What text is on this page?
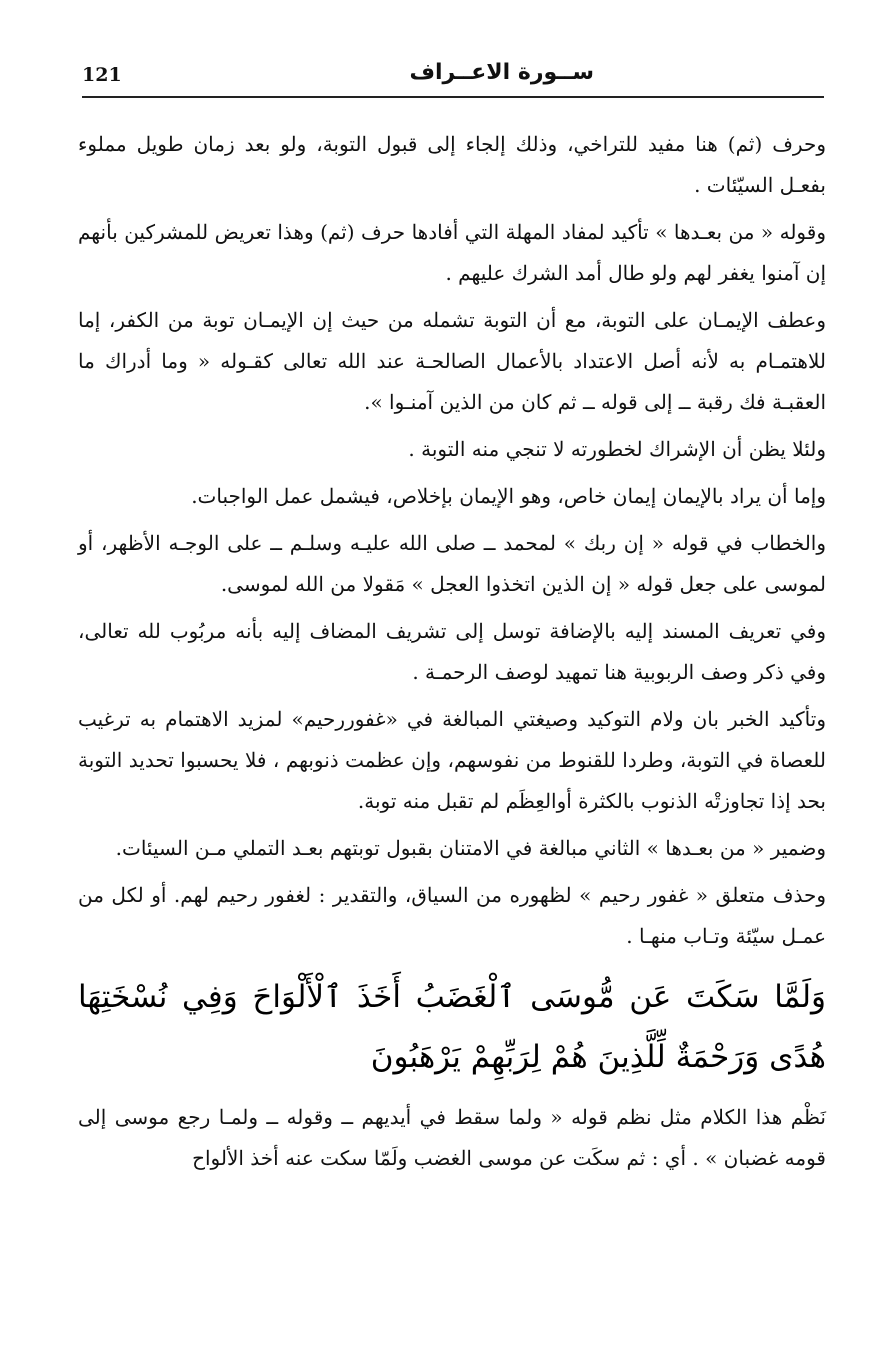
121	ســورة الاعــراف

وحرف (ثم) هنا مفيد للتراخي، وذلك إلجاء إلى قبول التوبة، ولو بعد زمان طويل مملوء بفعـل السيّئات .

وقوله « من بعـدها » تأكيد لمفاد المهلة التي أفادها حرف (ثم) وهذا تعريض للمشركين بأنهم إن آمنوا يغفر لهم ولو طال أمد الشرك عليهم .

وعطف الإيمـان على التوبة، مع أن التوبة تشمله من حيث إن الإيمـان توبة من الكفر، إما للاهتمـام به لأنه أصل الاعتداد بالأعمال الصالحـة عند الله تعالى كقـوله « وما أدراك ما العقبـة فك رقبة ــ إلى قوله ــ ثم كان من الذين آمنـوا ».

ولئلا يظن أن الإشراك لخطورته لا تنجي منه التوبة .

وإما أن يراد بالإيمان إيمان خاص، وهو الإيمان بإخلاص، فيشمل عمل الواجبات.

والخطاب في قوله « إن ربك » لمحمد ــ صلى الله عليـه وسلـم ــ على الوجـه الأظهر، أو لموسى على جعل قوله « إن الذين اتخذوا العجل » مَقولا من الله لموسى.

وفي تعريف المسند إليه بالإضافة توسل إلى تشريف المضاف إليه بأنه مربُوب لله تعالى، وفي ذكر وصف الربوبية هنا تمهيد لوصف الرحمـة .

وتأكيد الخبر بان ولام التوكيد وصيغتي المبالغة في «غفوررحيم» لمزيد الاهتمام به ترغيب للعصاة في التوبة، وطردا للقنوط من نفوسهم، وإن عظمت ذنوبهم ، فلا يحسبوا تحديد التوبة بحد إذا تجاوزتْه الذنوب بالكثرة أوالعِظَم لم تقبل منه توبة.

وضمير « من بعـدها » الثاني مبالغة في الامتنان بقبول توبتهم بعـد التملي مـن السيئات.

وحذف متعلق « غفور رحيم » لظهوره من السياق، والتقدير : لغفور رحيم لهم. أو لكل من عمـل سيّئة وتـاب منهـا .

وَلَمَّا سَكَتَ عَن مُّوسَى ٱلْغَضَبُ أَخَذَ ٱلْأَلْوَاحَ وَفِي نُسْخَتِهَا هُدًى وَرَحْمَةٌ لِّلَّذِينَ هُمْ لِرَبِّهِمْ يَرْهَبُونَ

نَظْم هذا الكلام مثل نظم قوله « ولما سقط في أيديهم ــ وقوله ــ ولمـا رجع موسى إلى قومه غضبان » . أي : ثم سكَت عن موسى الغضب ولَمّا سكت عنه أخذ الألواح
